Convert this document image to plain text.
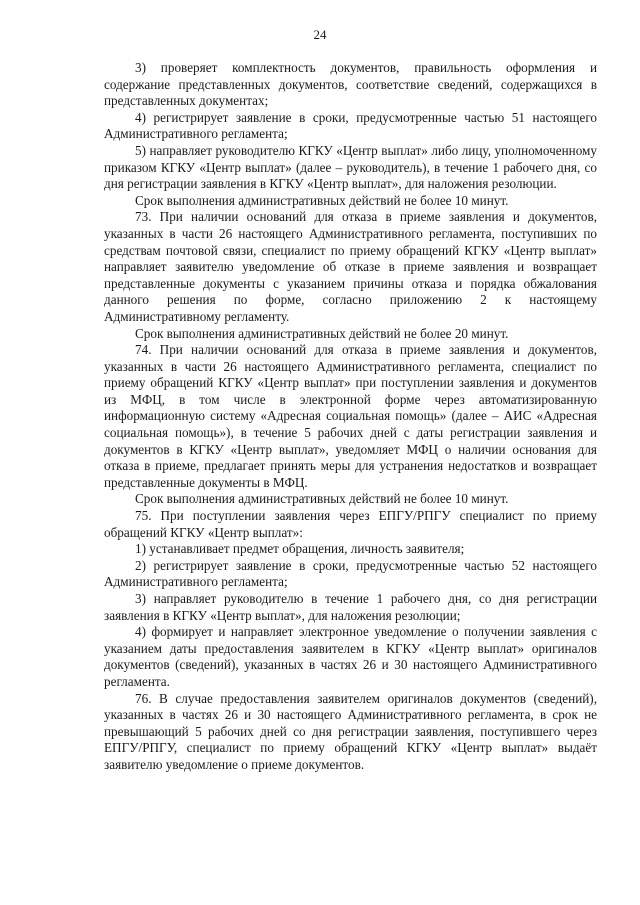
24

3) проверяет комплектность документов, правильность оформления и содержание представленных документов, соответствие сведений, содержащихся в представленных документах;

4) регистрирует заявление в сроки, предусмотренные частью 51 настоящего Административного регламента;

5) направляет руководителю КГКУ «Центр выплат» либо лицу, уполномоченному приказом КГКУ «Центр выплат» (далее – руководитель), в течение 1 рабочего дня, со дня регистрации заявления в КГКУ «Центр выплат», для наложения резолюции.

Срок выполнения административных действий не более 10 минут.

73. При наличии оснований для отказа в приеме заявления и документов, указанных в части 26 настоящего Административного регламента, поступивших по средствам почтовой связи, специалист по приему обращений КГКУ «Центр выплат» направляет заявителю уведомление об отказе в приеме заявления и возвращает представленные документы с указанием причины отказа и порядка обжалования данного решения по форме, согласно приложению 2 к настоящему Административному регламенту.

Срок выполнения административных действий не более 20 минут.

74. При наличии оснований для отказа в приеме заявления и документов, указанных в части 26 настоящего Административного регламента, специалист по приему обращений КГКУ «Центр выплат» при поступлении заявления и документов из МФЦ, в том числе в электронной форме через автоматизированную информационную систему «Адресная социальная помощь» (далее – АИС «Адресная социальная помощь»), в течение 5 рабочих дней с даты регистрации заявления и документов в КГКУ «Центр выплат», уведомляет МФЦ о наличии основания для отказа в приеме, предлагает принять меры для устранения недостатков и возвращает представленные документы в МФЦ.

Срок выполнения административных действий не более 10 минут.

75. При поступлении заявления через ЕПГУ/РПГУ специалист по приему обращений КГКУ «Центр выплат»:

1) устанавливает предмет обращения, личность заявителя;

2) регистрирует заявление в сроки, предусмотренные частью 52 настоящего Административного регламента;

3) направляет руководителю в течение 1 рабочего дня, со дня регистрации заявления в КГКУ «Центр выплат», для наложения резолюции;

4) формирует и направляет электронное уведомление о получении заявления с указанием даты предоставления заявителем в КГКУ «Центр выплат» оригиналов документов (сведений), указанных в частях 26 и 30 настоящего Административного регламента.

76. В случае предоставления заявителем оригиналов документов (сведений), указанных в частях 26 и 30 настоящего Административного регламента, в срок не превышающий 5 рабочих дней со дня регистрации заявления, поступившего через ЕПГУ/РПГУ, специалист по приему обращений КГКУ «Центр выплат» выдаёт заявителю уведомление о приеме документов.
